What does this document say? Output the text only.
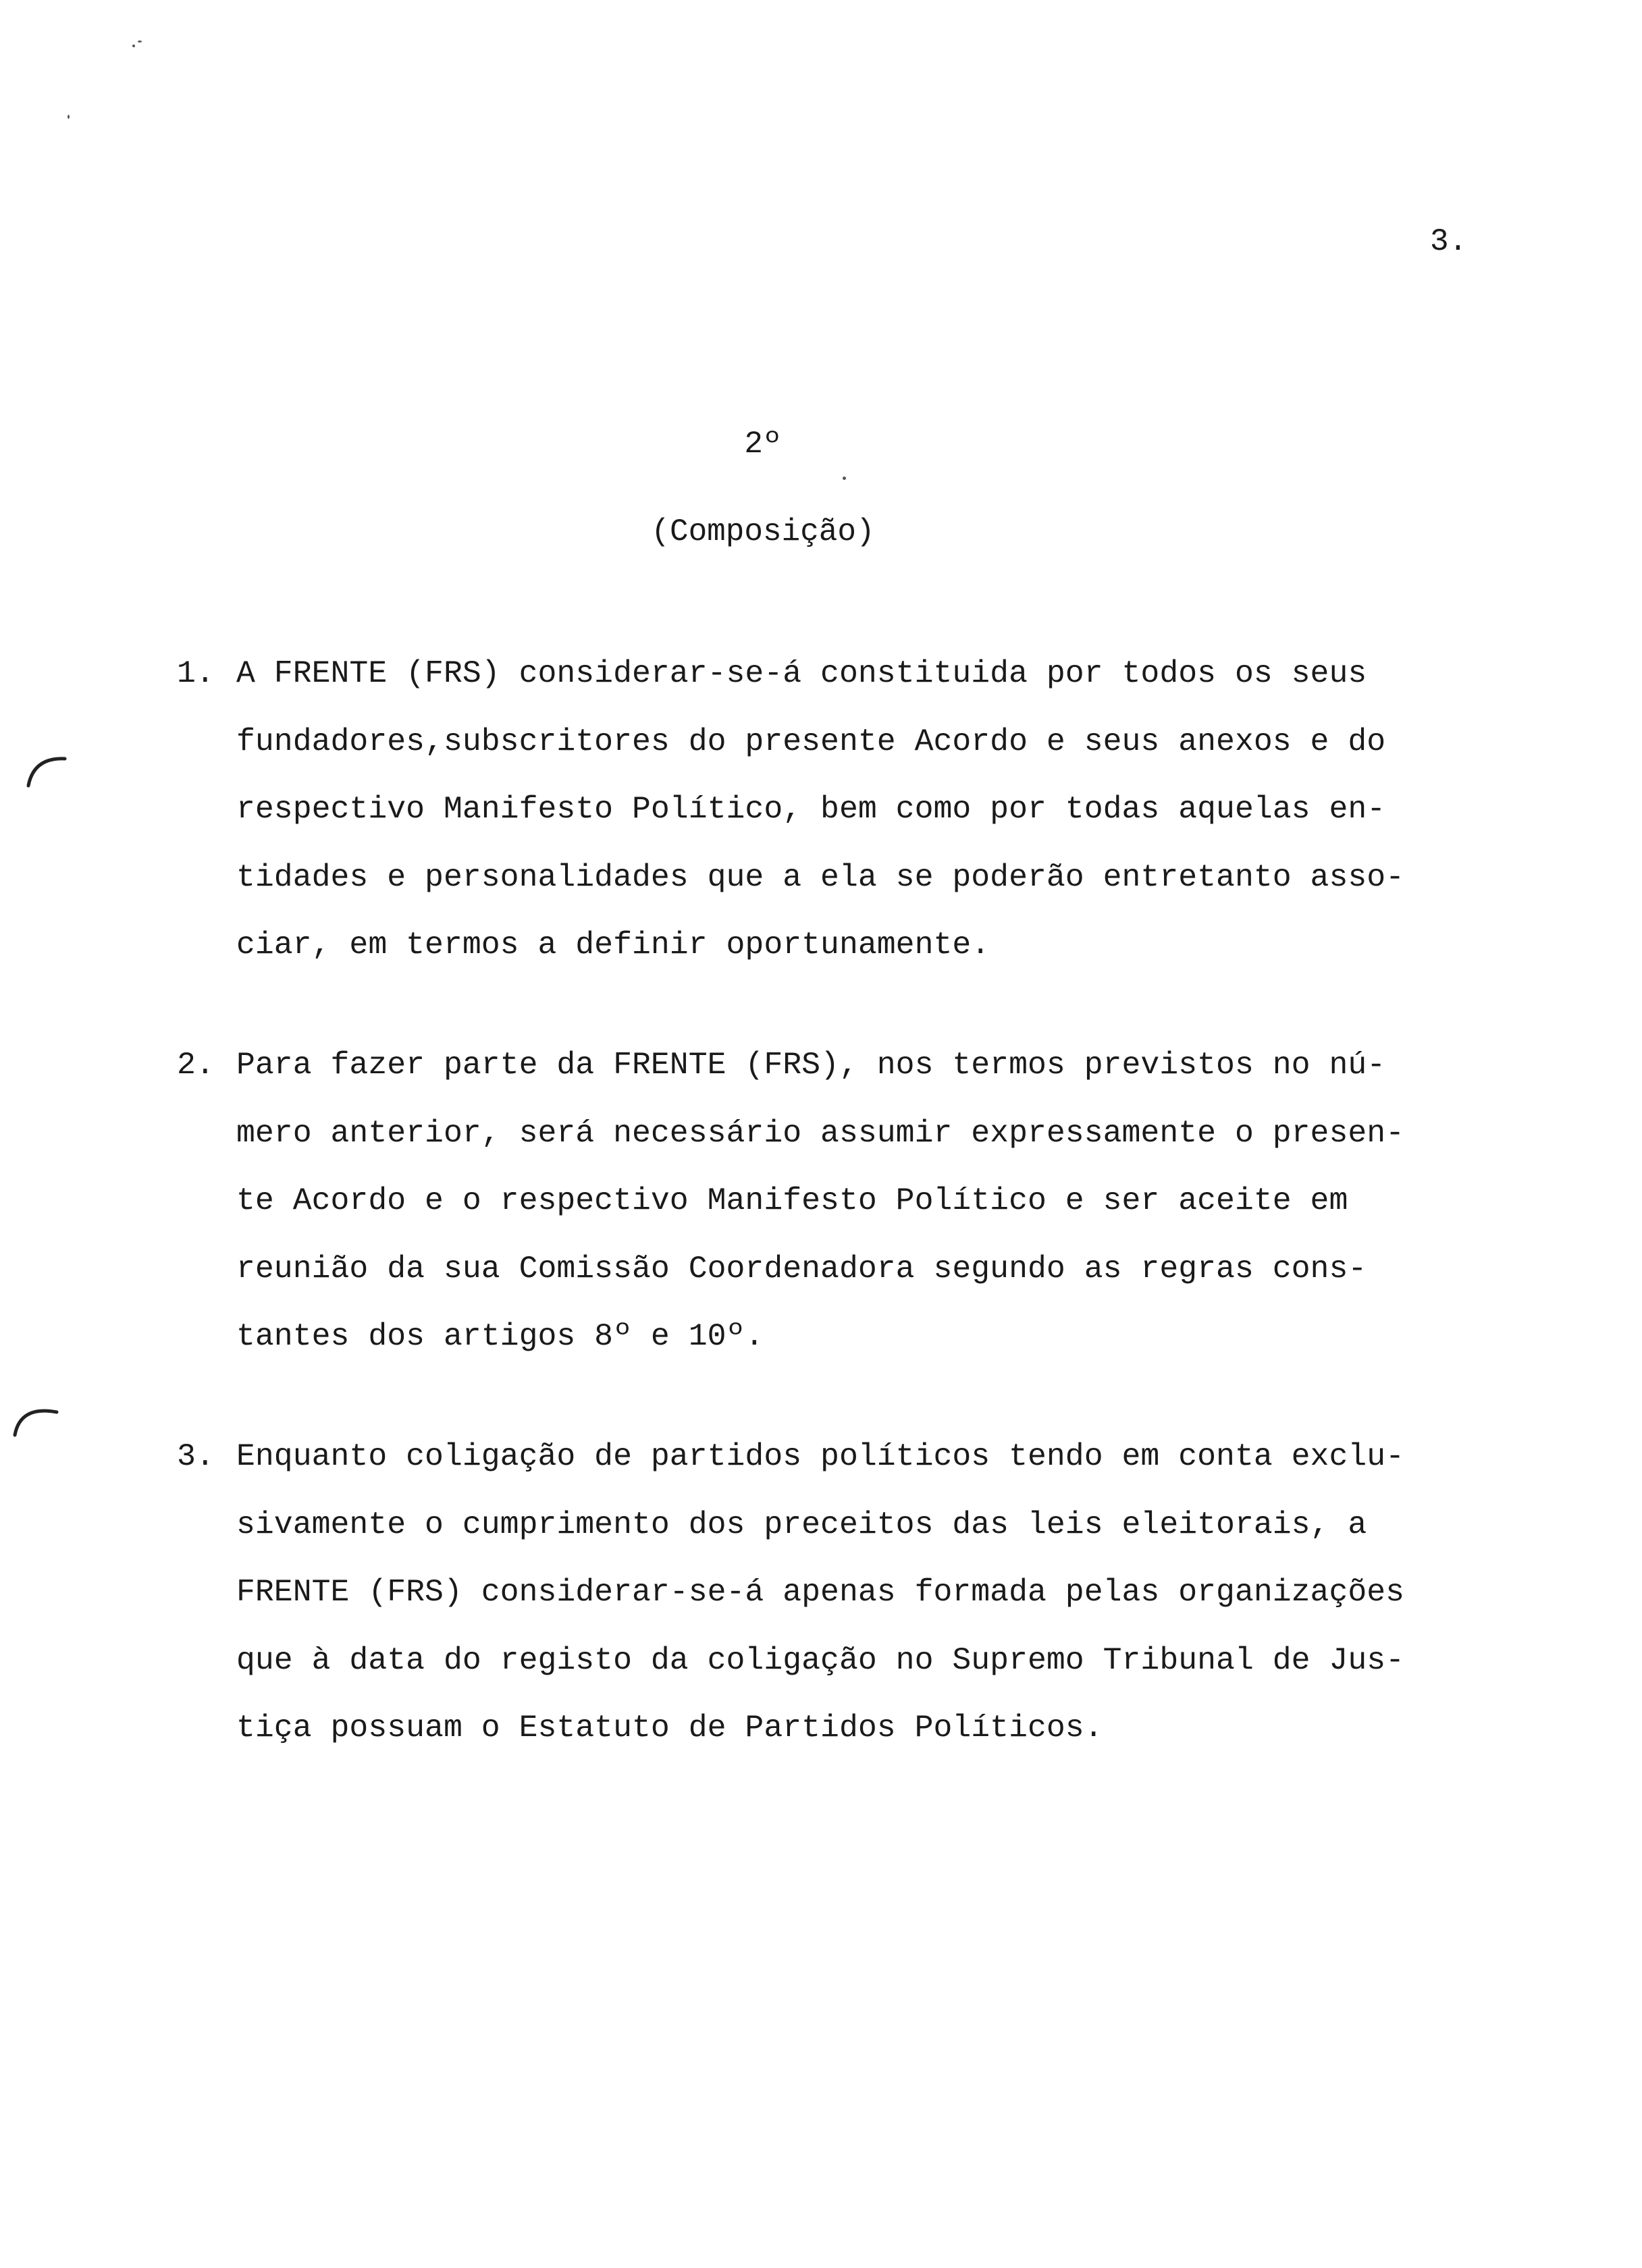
3.
2º
(Composição)
1. A FRENTE (FRS) considerar-se-á constituida por todos os seus
fundadores,subscritores do presente Acordo e seus anexos e do
respectivo Manifesto Político, bem como por todas aquelas en-
tidades e personalidades que a ela se poderão entretanto asso-
ciar, em termos a definir oportunamente.
2. Para fazer parte da FRENTE (FRS), nos termos previstos no nú-
mero anterior, será necessário assumir expressamente o presen-
te Acordo e o respectivo Manifesto Político e ser aceite em
reunião da sua Comissão Coordenadora segundo as regras cons-
tantes dos artigos 8º e 10º.
3. Enquanto coligação de partidos políticos tendo em conta exclu-
sivamente o cumprimento dos preceitos das leis eleitorais, a
FRENTE (FRS) considerar-se-á apenas formada pelas organizações
que à data do registo da coligação no Supremo Tribunal de Jus-
tiça possuam o Estatuto de Partidos Políticos.
